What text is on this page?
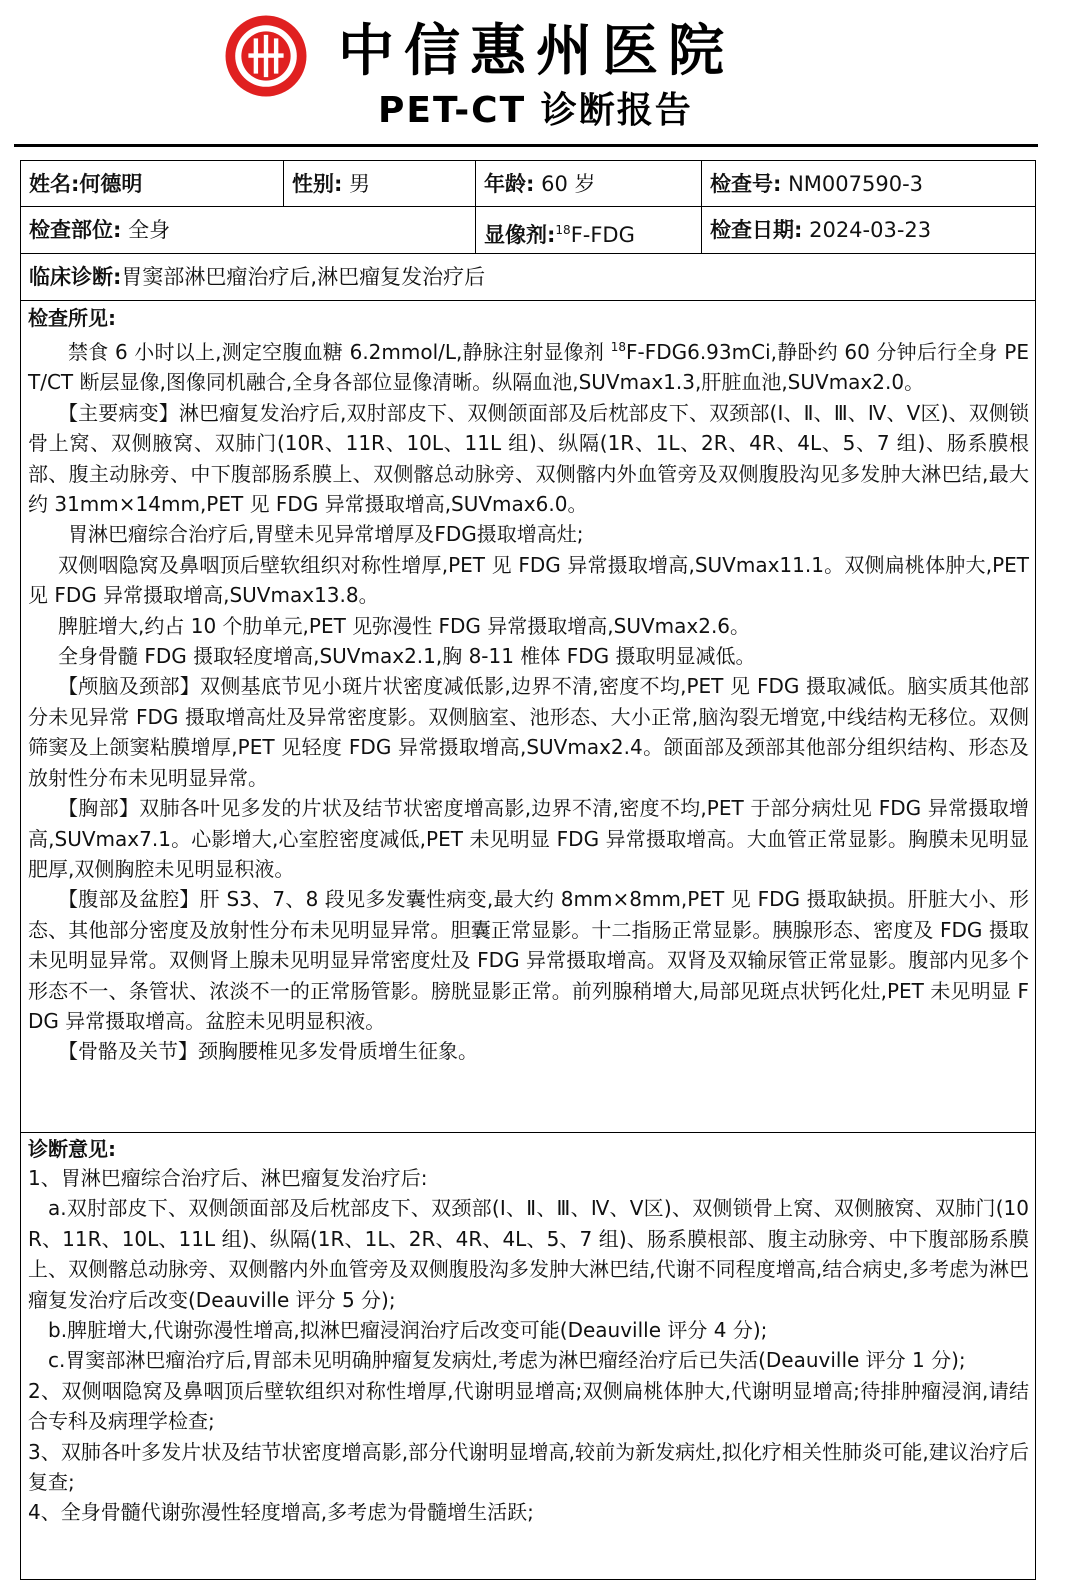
中信惠州医院
PET-CT 诊断报告
姓名:何德明	性别: 男	年龄: 60 岁	检查号: NM007590-3
检查部位: 全身	显像剂:$^{18}$F-FDG	检查日期: 2024-03-23
临床诊断:胃窦部淋巴瘤治疗后,淋巴瘤复发治疗后
检查所见:

禁食 6 小时以上,测定空腹血糖 6.2mmol/L,静脉注射显像剂 $^{18}$F-FDG6.93mCi,静卧约 60 分钟后行全身 PET/CT 断层显像,图像同机融合,全身各部位显像清晰。纵隔血池,SUVmax1.3,肝脏血池,SUVmax2.0。

【主要病变】淋巴瘤复发治疗后,双肘部皮下、双侧颌面部及后枕部皮下、双颈部(Ⅰ、Ⅱ、Ⅲ、Ⅳ、Ⅴ区)、双侧锁骨上窝、双侧腋窝、双肺门(10R、11R、10L、11L 组)、纵隔(1R、1L、2R、4R、4L、5、7 组)、肠系膜根部、腹主动脉旁、中下腹部肠系膜上、双侧髂总动脉旁、双侧髂内外血管旁及双侧腹股沟见多发肿大淋巴结,最大约 31mm×14mm,PET 见 FDG 异常摄取增高,SUVmax6.0。

胃淋巴瘤综合治疗后,胃壁未见异常增厚及FDG摄取增高灶;

双侧咽隐窝及鼻咽顶后壁软组织对称性增厚,PET 见 FDG 异常摄取增高,SUVmax11.1。双侧扁桃体肿大,PET 见 FDG 异常摄取增高,SUVmax13.8。

脾脏增大,约占 10 个肋单元,PET 见弥漫性 FDG 异常摄取增高,SUVmax2.6。

全身骨髓 FDG 摄取轻度增高,SUVmax2.1,胸 8-11 椎体 FDG 摄取明显减低。

【颅脑及颈部】双侧基底节见小斑片状密度减低影,边界不清,密度不均,PET 见 FDG 摄取减低。脑实质其他部分未见异常 FDG 摄取增高灶及异常密度影。双侧脑室、池形态、大小正常,脑沟裂无增宽,中线结构无移位。双侧筛窦及上颌窦粘膜增厚,PET 见轻度 FDG 异常摄取增高,SUVmax2.4。颌面部及颈部其他部分组织结构、形态及放射性分布未见明显异常。

【胸部】双肺各叶见多发的片状及结节状密度增高影,边界不清,密度不均,PET 于部分病灶见 FDG 异常摄取增高,SUVmax7.1。心影增大,心室腔密度减低,PET 未见明显 FDG 异常摄取增高。大血管正常显影。胸膜未见明显肥厚,双侧胸腔未见明显积液。

【腹部及盆腔】肝 S3、7、8 段见多发囊性病变,最大约 8mm×8mm,PET 见 FDG 摄取缺损。肝脏大小、形态、其他部分密度及放射性分布未见明显异常。胆囊正常显影。十二指肠正常显影。胰腺形态、密度及 FDG 摄取未见明显异常。双侧肾上腺未见明显异常密度灶及 FDG 异常摄取增高。双肾及双输尿管正常显影。腹部内见多个形态不一、条管状、浓淡不一的正常肠管影。膀胱显影正常。前列腺稍增大,局部见斑点状钙化灶,PET 未见明显 FDG 异常摄取增高。盆腔未见明显积液。

【骨骼及关节】颈胸腰椎见多发骨质增生征象。

诊断意见:

1、胃淋巴瘤综合治疗后、淋巴瘤复发治疗后:

a.双肘部皮下、双侧颌面部及后枕部皮下、双颈部(Ⅰ、Ⅱ、Ⅲ、Ⅳ、Ⅴ区)、双侧锁骨上窝、双侧腋窝、双肺门(10R、11R、10L、11L 组)、纵隔(1R、1L、2R、4R、4L、5、7 组)、肠系膜根部、腹主动脉旁、中下腹部肠系膜上、双侧髂总动脉旁、双侧髂内外血管旁及双侧腹股沟多发肿大淋巴结,代谢不同程度增高,结合病史,多考虑为淋巴瘤复发治疗后改变(Deauville 评分 5 分);

b.脾脏增大,代谢弥漫性增高,拟淋巴瘤浸润治疗后改变可能(Deauville 评分 4 分);

c.胃窦部淋巴瘤治疗后,胃部未见明确肿瘤复发病灶,考虑为淋巴瘤经治疗后已失活(Deauville 评分 1 分);

2、双侧咽隐窝及鼻咽顶后壁软组织对称性增厚,代谢明显增高;双侧扁桃体肿大,代谢明显增高;待排肿瘤浸润,请结合专科及病理学检查;

3、双肺各叶多发片状及结节状密度增高影,部分代谢明显增高,较前为新发病灶,拟化疗相关性肺炎可能,建议治疗后复查;

4、全身骨髓代谢弥漫性轻度增高,多考虑为骨髓增生活跃;
